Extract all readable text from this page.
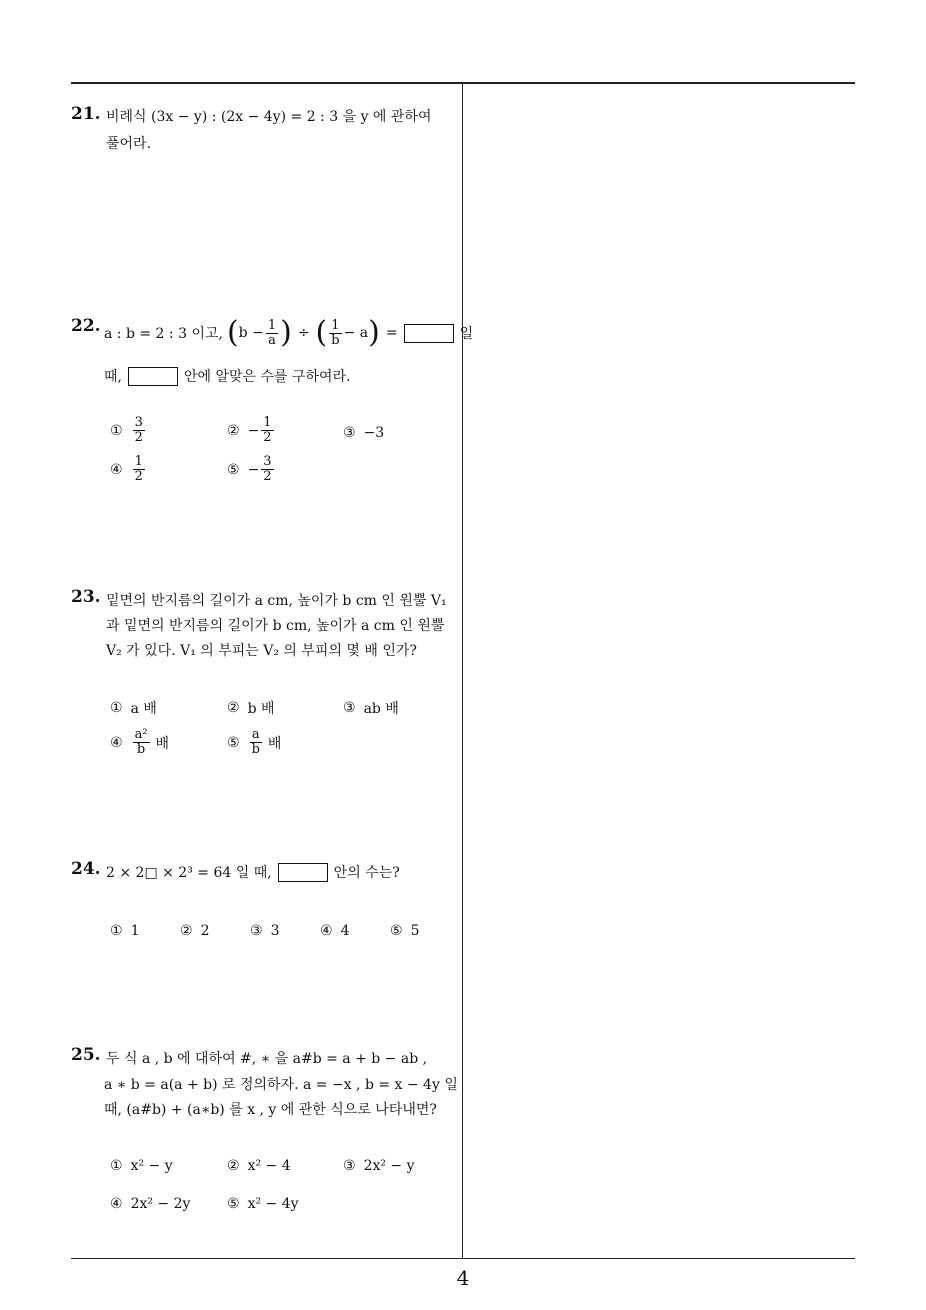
21. 비례식 (3x − y) : (2x − 4y) = 2 : 3 을 y 에 관하여
풀어라.
22. a : b = 2 : 3 이고, ( $b - \frac{1}{a}$ ) ÷ ( $\frac{1}{b} - a$ ) =	일
때,	안에 알맞은 수를 구하여라.
① $\frac{3}{2}$	② − $\frac{1}{2}$	③ −3
④ $\frac{1}{2}$	⑤ − $\frac{3}{2}$
23. 밑면의 반지름의 길이가 a cm, 높이가 b cm 인 원뿔 V₁
과 밑면의 반지름의 길이가 b cm, 높이가 a cm 인 원뿔
V₂ 가 있다. V₁ 의 부피는 V₂ 의 부피의 몇 배 인가?
① a 배	② b 배	③ ab 배
④ $\frac{\text{a²}}{b}$ 배	⑤ $\frac{a}{b}$ 배
24. 2 × 2□ × 2³ = 64 일 때,	안의 수는?
① 1	② 2	③ 3	④ 4	⑤ 5
25. 두 식 a , b 에 대하여 #, ∗ 을 a#b = a + b − ab ,
a ∗ b = a(a + b) 로 정의하자. a = −x , b = x − 4y 일
때, (a#b) + (a∗b) 를 x , y 에 관한 식으로 나타내면?
① x² − y	② x² − 4	③ 2x² − y
④ 2x² − 2y	⑤ x² − 4y
4
